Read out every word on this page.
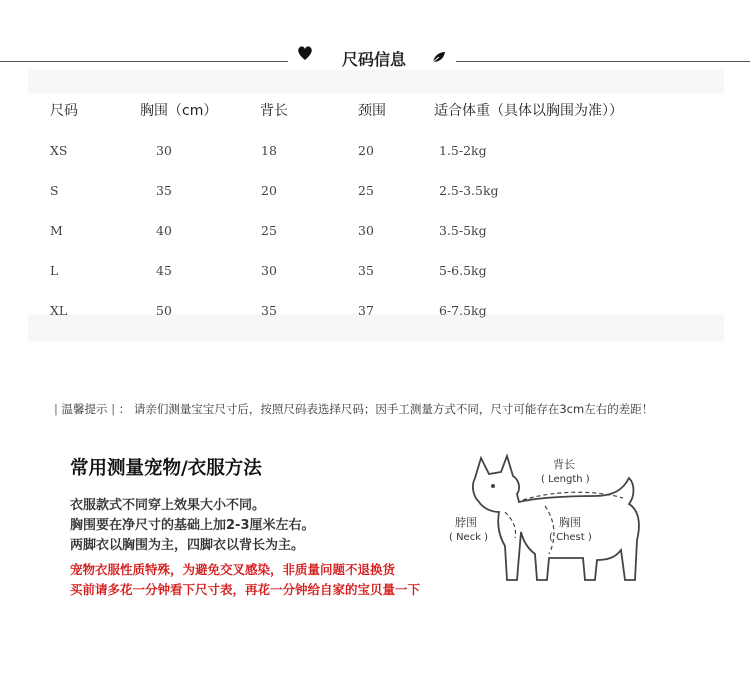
尺码信息
尺码	胸围（cm）	背长	颈围	适合体重（具体以胸围为准））
XS	30	18	20	1.5-2kg
S	35	20	25	2.5-3.5kg
M	40	25	30	3.5-5kg
L	45	30	35	5-6.5kg
XL	50	35	37	6-7.5kg
| 温馨提示 | ： 请亲们测量宝宝尺寸后，按照尺码表选择尺码；因手工测量方式不同，尺寸可能存在3cm左右的差距！
常用测量宠物/衣服方法
衣服款式不同穿上效果大小不同。
胸围要在净尺寸的基础上加2-3厘米左右。
两脚衣以胸围为主，四脚衣以背长为主。
宠物衣服性质特殊，为避免交叉感染，非质量问题不退换货
买前请多花一分钟看下尺寸表，再花一分钟给自家的宝贝量一下
背长
( Length )
脖围
( Neck )
胸围
( Chest )
